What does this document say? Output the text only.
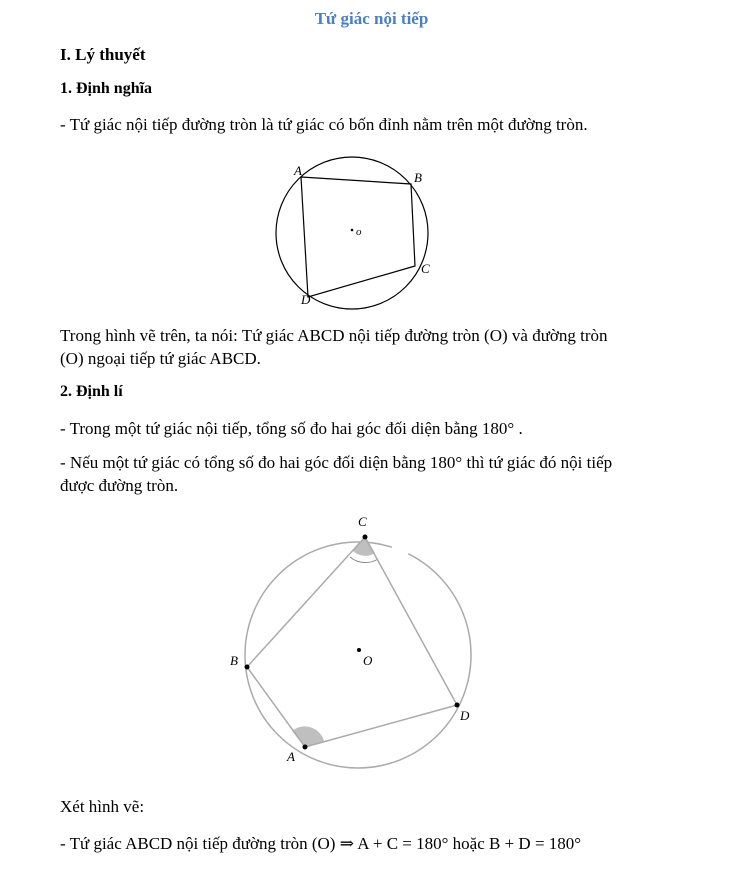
Tứ giác nội tiếp
I. Lý thuyết
1. Định nghĩa
- Tứ giác nội tiếp đường tròn là tứ giác có bốn đỉnh nằm trên một đường tròn.
A	B
C
D
o
Trong hình vẽ trên, ta nói: Tứ giác ABCD nội tiếp đường tròn (O) và đường tròn
(O) ngoại tiếp tứ giác ABCD.
2. Định lí
- Trong một tứ giác nội tiếp, tổng số đo hai góc đối diện bằng 180° .
- Nếu một tứ giác có tổng số đo hai góc đối diện bằng 180° thì tứ giác đó nội tiếp
được đường tròn.
C
B
D
A
O
Xét hình vẽ:
- Tứ giác ABCD nội tiếp đường tròn (O) ⇒ A + C = 180° hoặc B + D = 180°
